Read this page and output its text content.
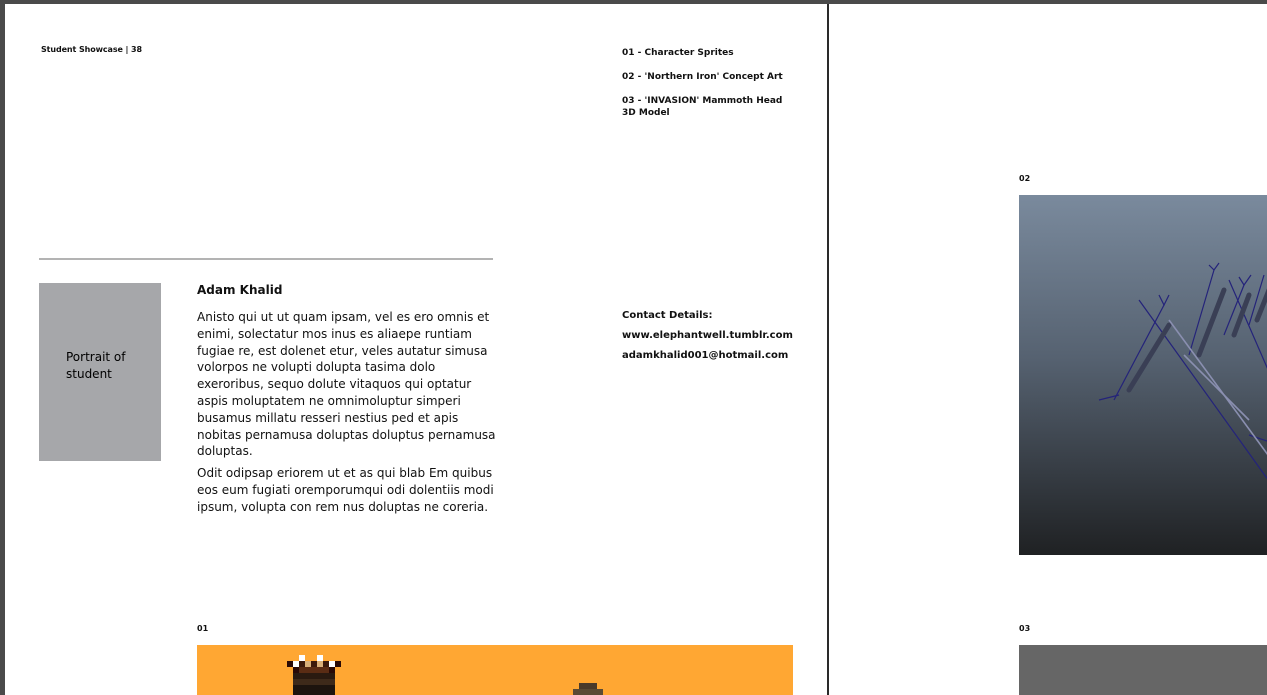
Student Showcase | 38	01 - Character Sprites
02 - 'Northern Iron' Concept Art
03 - 'INVASION' Mammoth Head 3D Model
Portrait of student
Adam Khalid

Anisto qui ut ut quam ipsam, vel es ero omnis et enimi, solectatur mos inus es aliaepe runtiam fugiae re, est dolenet etur, veles autatur simusa volorpos ne volupti dolupta tasima dolo exeroribus, sequo dolute vitaquos qui optatur aspis moluptatem ne omnimoluptur simperi busamus millatu resseri nestius ped et apis nobitas pernamusa doluptas doluptus pernamusa doluptas.

Odit odipsap eriorem ut et as qui blab Em quibus eos eum fugiati oremporumqui odi dolentiis modi ipsum, volupta con rem nus doluptas ne coreria.

Contact Details:
www.elephantwell.tumblr.com
adamkhalid001@hotmail.com
01
02
03
